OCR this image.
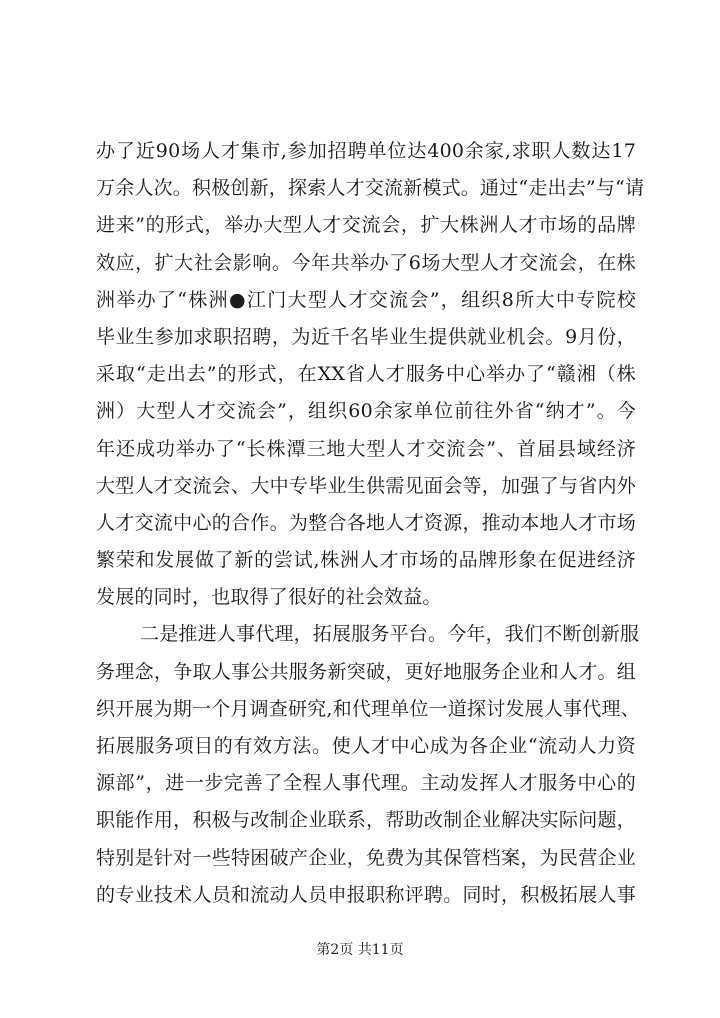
办了近90场人才集市,参加招聘单位达400余家,求职人数达17
万余人次。积极创新，探索人才交流新模式。通过“走出去”与“请
进来”的形式，举办大型人才交流会，扩大株洲人才市场的品牌
效应，扩大社会影响。今年共举办了6场大型人才交流会，在株
洲举办了“株洲●江门大型人才交流会”，组织8所大中专院校
毕业生参加求职招聘，为近千名毕业生提供就业机会。9月份，
采取“走出去”的形式，在XX省人才服务中心举办了“赣湘（株
洲）大型人才交流会”，组织60余家单位前往外省“纳才”。今
年还成功举办了“长株潭三地大型人才交流会”、首届县域经济
大型人才交流会、大中专毕业生供需见面会等，加强了与省内外
人才交流中心的合作。为整合各地人才资源，推动本地人才市场
繁荣和发展做了新的尝试,株洲人才市场的品牌形象在促进经济
发展的同时，也取得了很好的社会效益。
二是推进人事代理，拓展服务平台。今年，我们不断创新服
务理念，争取人事公共服务新突破，更好地服务企业和人才。组
织开展为期一个月调查研究,和代理单位一道探讨发展人事代理、
拓展服务项目的有效方法。使人才中心成为各企业“流动人力资
源部”，进一步完善了全程人事代理。主动发挥人才服务中心的
职能作用，积极与改制企业联系，帮助改制企业解决实际问题，
特别是针对一些特困破产企业，免费为其保管档案，为民营企业
的专业技术人员和流动人员申报职称评聘。同时，积极拓展人事
第2页 共11页
